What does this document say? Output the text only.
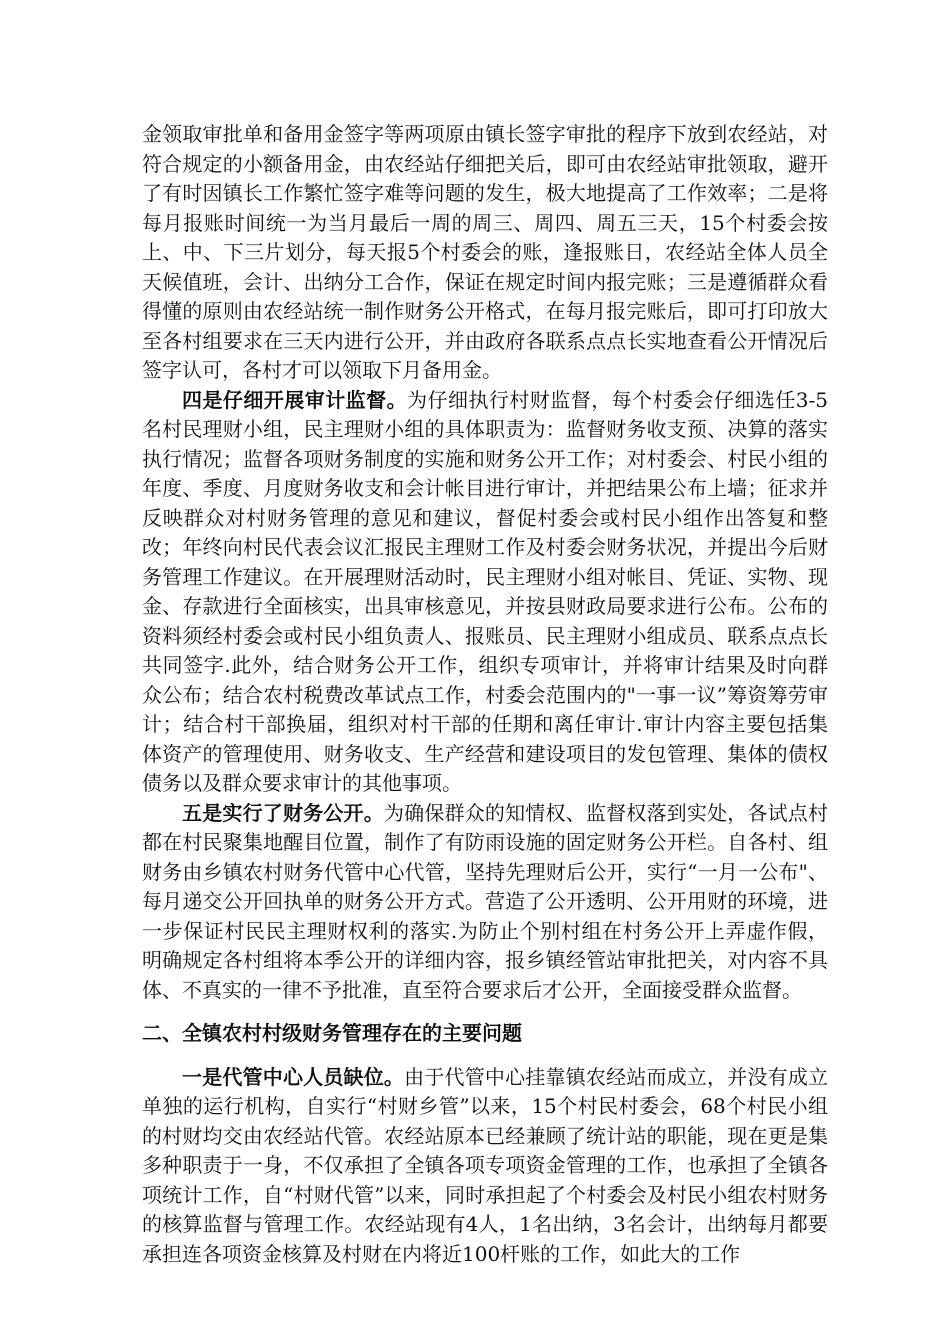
金领取审批单和备用金签字等两项原由镇长签字审批的程序下放到农经站，对符合规定的小额备用金，由农经站仔细把关后，即可由农经站审批领取，避开了有时因镇长工作繁忙签字难等问题的发生，极大地提高了工作效率；二是将每月报账时间统一为当月最后一周的周三、周四、周五三天，15个村委会按上、中、下三片划分，每天报5个村委会的账，逢报账日，农经站全体人员全天候值班，会计、出纳分工合作，保证在规定时间内报完账；三是遵循群众看得懂的原则由农经站统一制作财务公开格式，在每月报完账后，即可打印放大至各村组要求在三天内进行公开，并由政府各联系点点长实地查看公开情况后签字认可，各村才可以领取下月备用金。

四是仔细开展审计监督。为仔细执行村财监督，每个村委会仔细选任3-5名村民理财小组，民主理财小组的具体职责为：监督财务收支预、决算的落实执行情况；监督各项财务制度的实施和财务公开工作；对村委会、村民小组的年度、季度、月度财务收支和会计帐目进行审计，并把结果公布上墙；征求并反映群众对村财务管理的意见和建议，督促村委会或村民小组作出答复和整改；年终向村民代表会议汇报民主理财工作及村委会财务状况，并提出今后财务管理工作建议。在开展理财活动时，民主理财小组对帐目、凭证、实物、现金、存款进行全面核实，出具审核意见，并按县财政局要求进行公布。公布的资料须经村委会或村民小组负责人、报账员、民主理财小组成员、联系点点长共同签字.此外，结合财务公开工作，组织专项审计，并将审计结果及时向群众公布；结合农村税费改革试点工作，村委会范围内的"一事一议”筹资筹劳审计；结合村干部换届，组织对村干部的任期和离任审计.审计内容主要包括集体资产的管理使用、财务收支、生产经营和建设项目的发包管理、集体的债权债务以及群众要求审计的其他事项。

五是实行了财务公开。为确保群众的知情权、监督权落到实处，各试点村都在村民聚集地醒目位置，制作了有防雨设施的固定财务公开栏。自各村、组财务由乡镇农村财务代管中心代管，坚持先理财后公开，实行“一月一公布"、每月递交公开回执单的财务公开方式。营造了公开透明、公开用财的环境，进一步保证村民民主理财权利的落实.为防止个别村组在村务公开上弄虚作假，明确规定各村组将本季公开的详细内容，报乡镇经管站审批把关，对内容不具体、不真实的一律不予批准，直至符合要求后才公开，全面接受群众监督。

二、全镇农村村级财务管理存在的主要问题

一是代管中心人员缺位。由于代管中心挂靠镇农经站而成立，并没有成立单独的运行机构，自实行“村财乡管”以来，15个村民村委会，68个村民小组的村财均交由农经站代管。农经站原本已经兼顾了统计站的职能，现在更是集多种职责于一身，不仅承担了全镇各项专项资金管理的工作，也承担了全镇各项统计工作，自“村财代管”以来，同时承担起了个村委会及村民小组农村财务的核算监督与管理工作。农经站现有4人，1名出纳，3名会计，出纳每月都要承担连各项资金核算及村财在内将近100杆账的工作，如此大的工作
